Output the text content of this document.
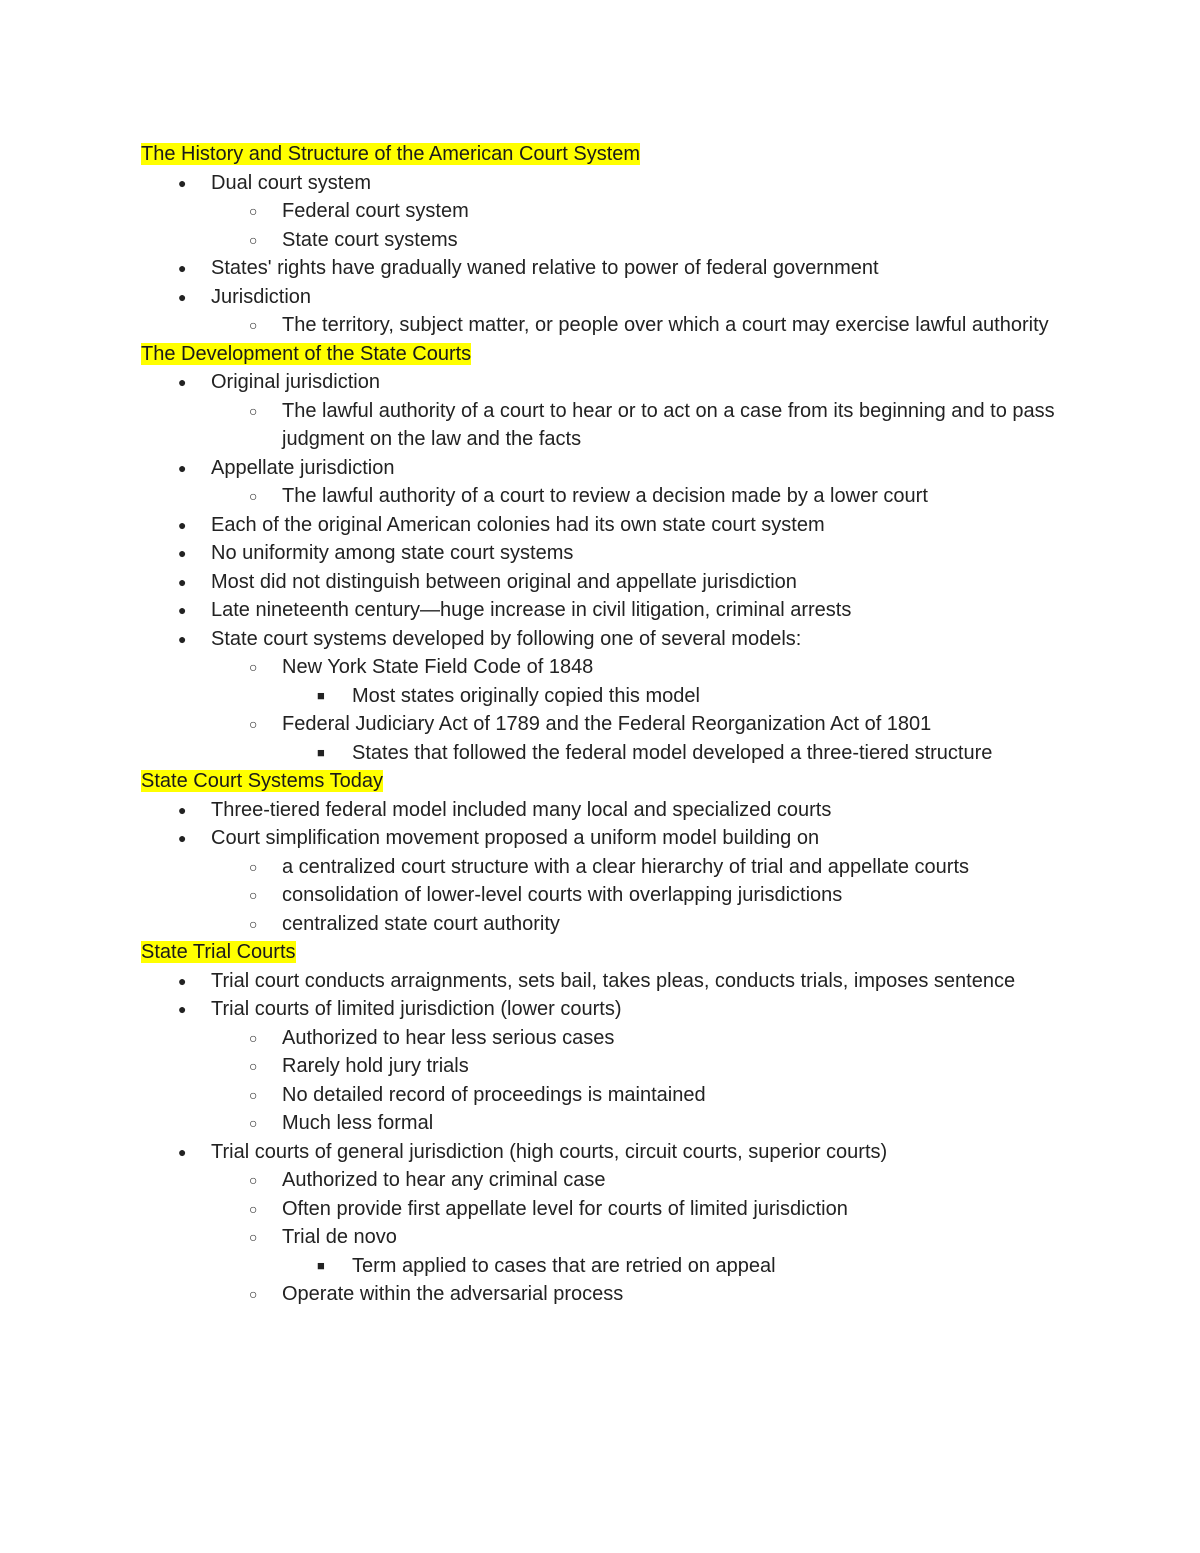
The History and Structure of the American Court System
●
Dual court system
○
Federal court system
○
State court systems
●
States' rights have gradually waned relative to power of federal government
●
Jurisdiction
○
The territory, subject matter, or people over which a court may exercise lawful authority
The Development of the State Courts
●
Original jurisdiction
○
The lawful authority of a court to hear or to act on a case from its beginning and to pass judgment on the law and the facts
●
Appellate jurisdiction
○
The lawful authority of a court to review a decision made by a lower court
●
Each of the original American colonies had its own state court system
●
No uniformity among state court systems
●
Most did not distinguish between original and appellate jurisdiction
●
Late nineteenth century—huge increase in civil litigation, criminal arrests
●
State court systems developed by following one of several models:
○
New York State Field Code of 1848
■
Most states originally copied this model
○
Federal Judiciary Act of 1789 and the Federal Reorganization Act of 1801
■
States that followed the federal model developed a three-tiered structure
State Court Systems Today
●
Three-tiered federal model included many local and specialized courts
●
Court simplification movement proposed a uniform model building on
○
a centralized court structure with a clear hierarchy of trial and appellate courts
○
consolidation of lower-level courts with overlapping jurisdictions
○
centralized state court authority
State Trial Courts
●
Trial court conducts arraignments, sets bail, takes pleas, conducts trials, imposes sentence
●
Trial courts of limited jurisdiction (lower courts)
○
Authorized to hear less serious cases
○
Rarely hold jury trials
○
No detailed record of proceedings is maintained
○
Much less formal
●
Trial courts of general jurisdiction (high courts, circuit courts, superior courts)
○
Authorized to hear any criminal case
○
Often provide first appellate level for courts of limited jurisdiction
○
Trial de novo
■
Term applied to cases that are retried on appeal
○
Operate within the adversarial process
